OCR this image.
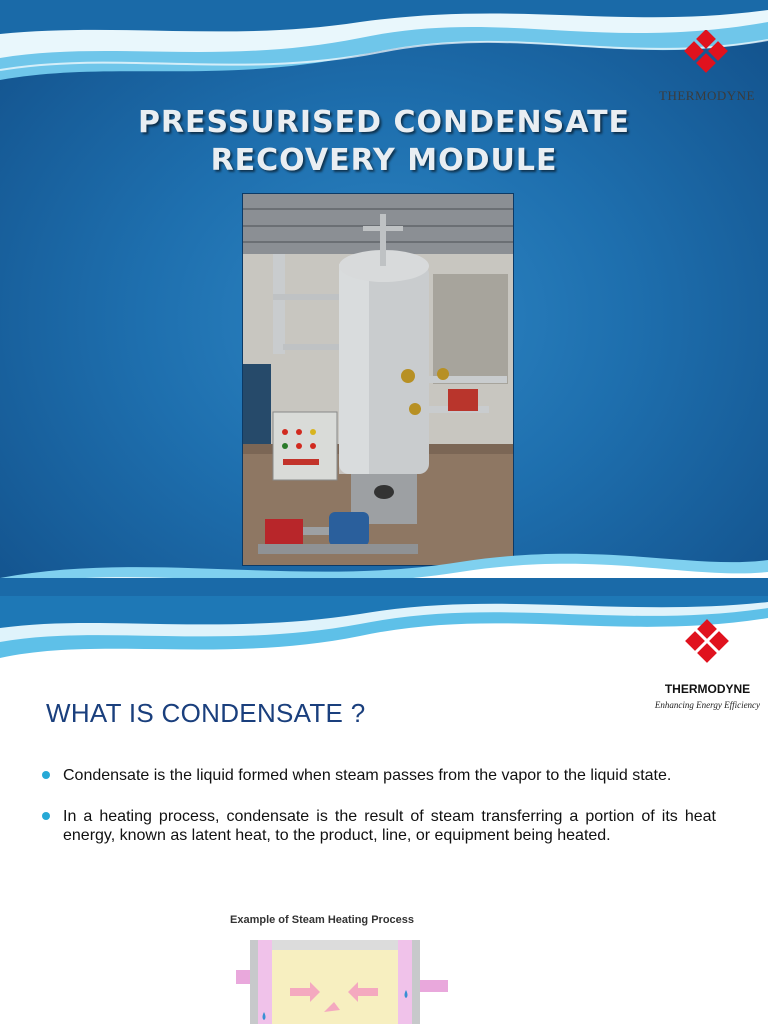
THERMODYNE
PRESSURISED CONDENSATE
RECOVERY MODULE
THERMODYNE
Enhancing Energy Efficiency
WHAT IS CONDENSATE ?
Condensate is the liquid formed when steam passes from the vapor to the liquid state.
In a heating process, condensate is the result of steam transferring a portion of its heat energy, known as latent heat, to the product, line, or equipment being heated.
Example of Steam Heating Process
